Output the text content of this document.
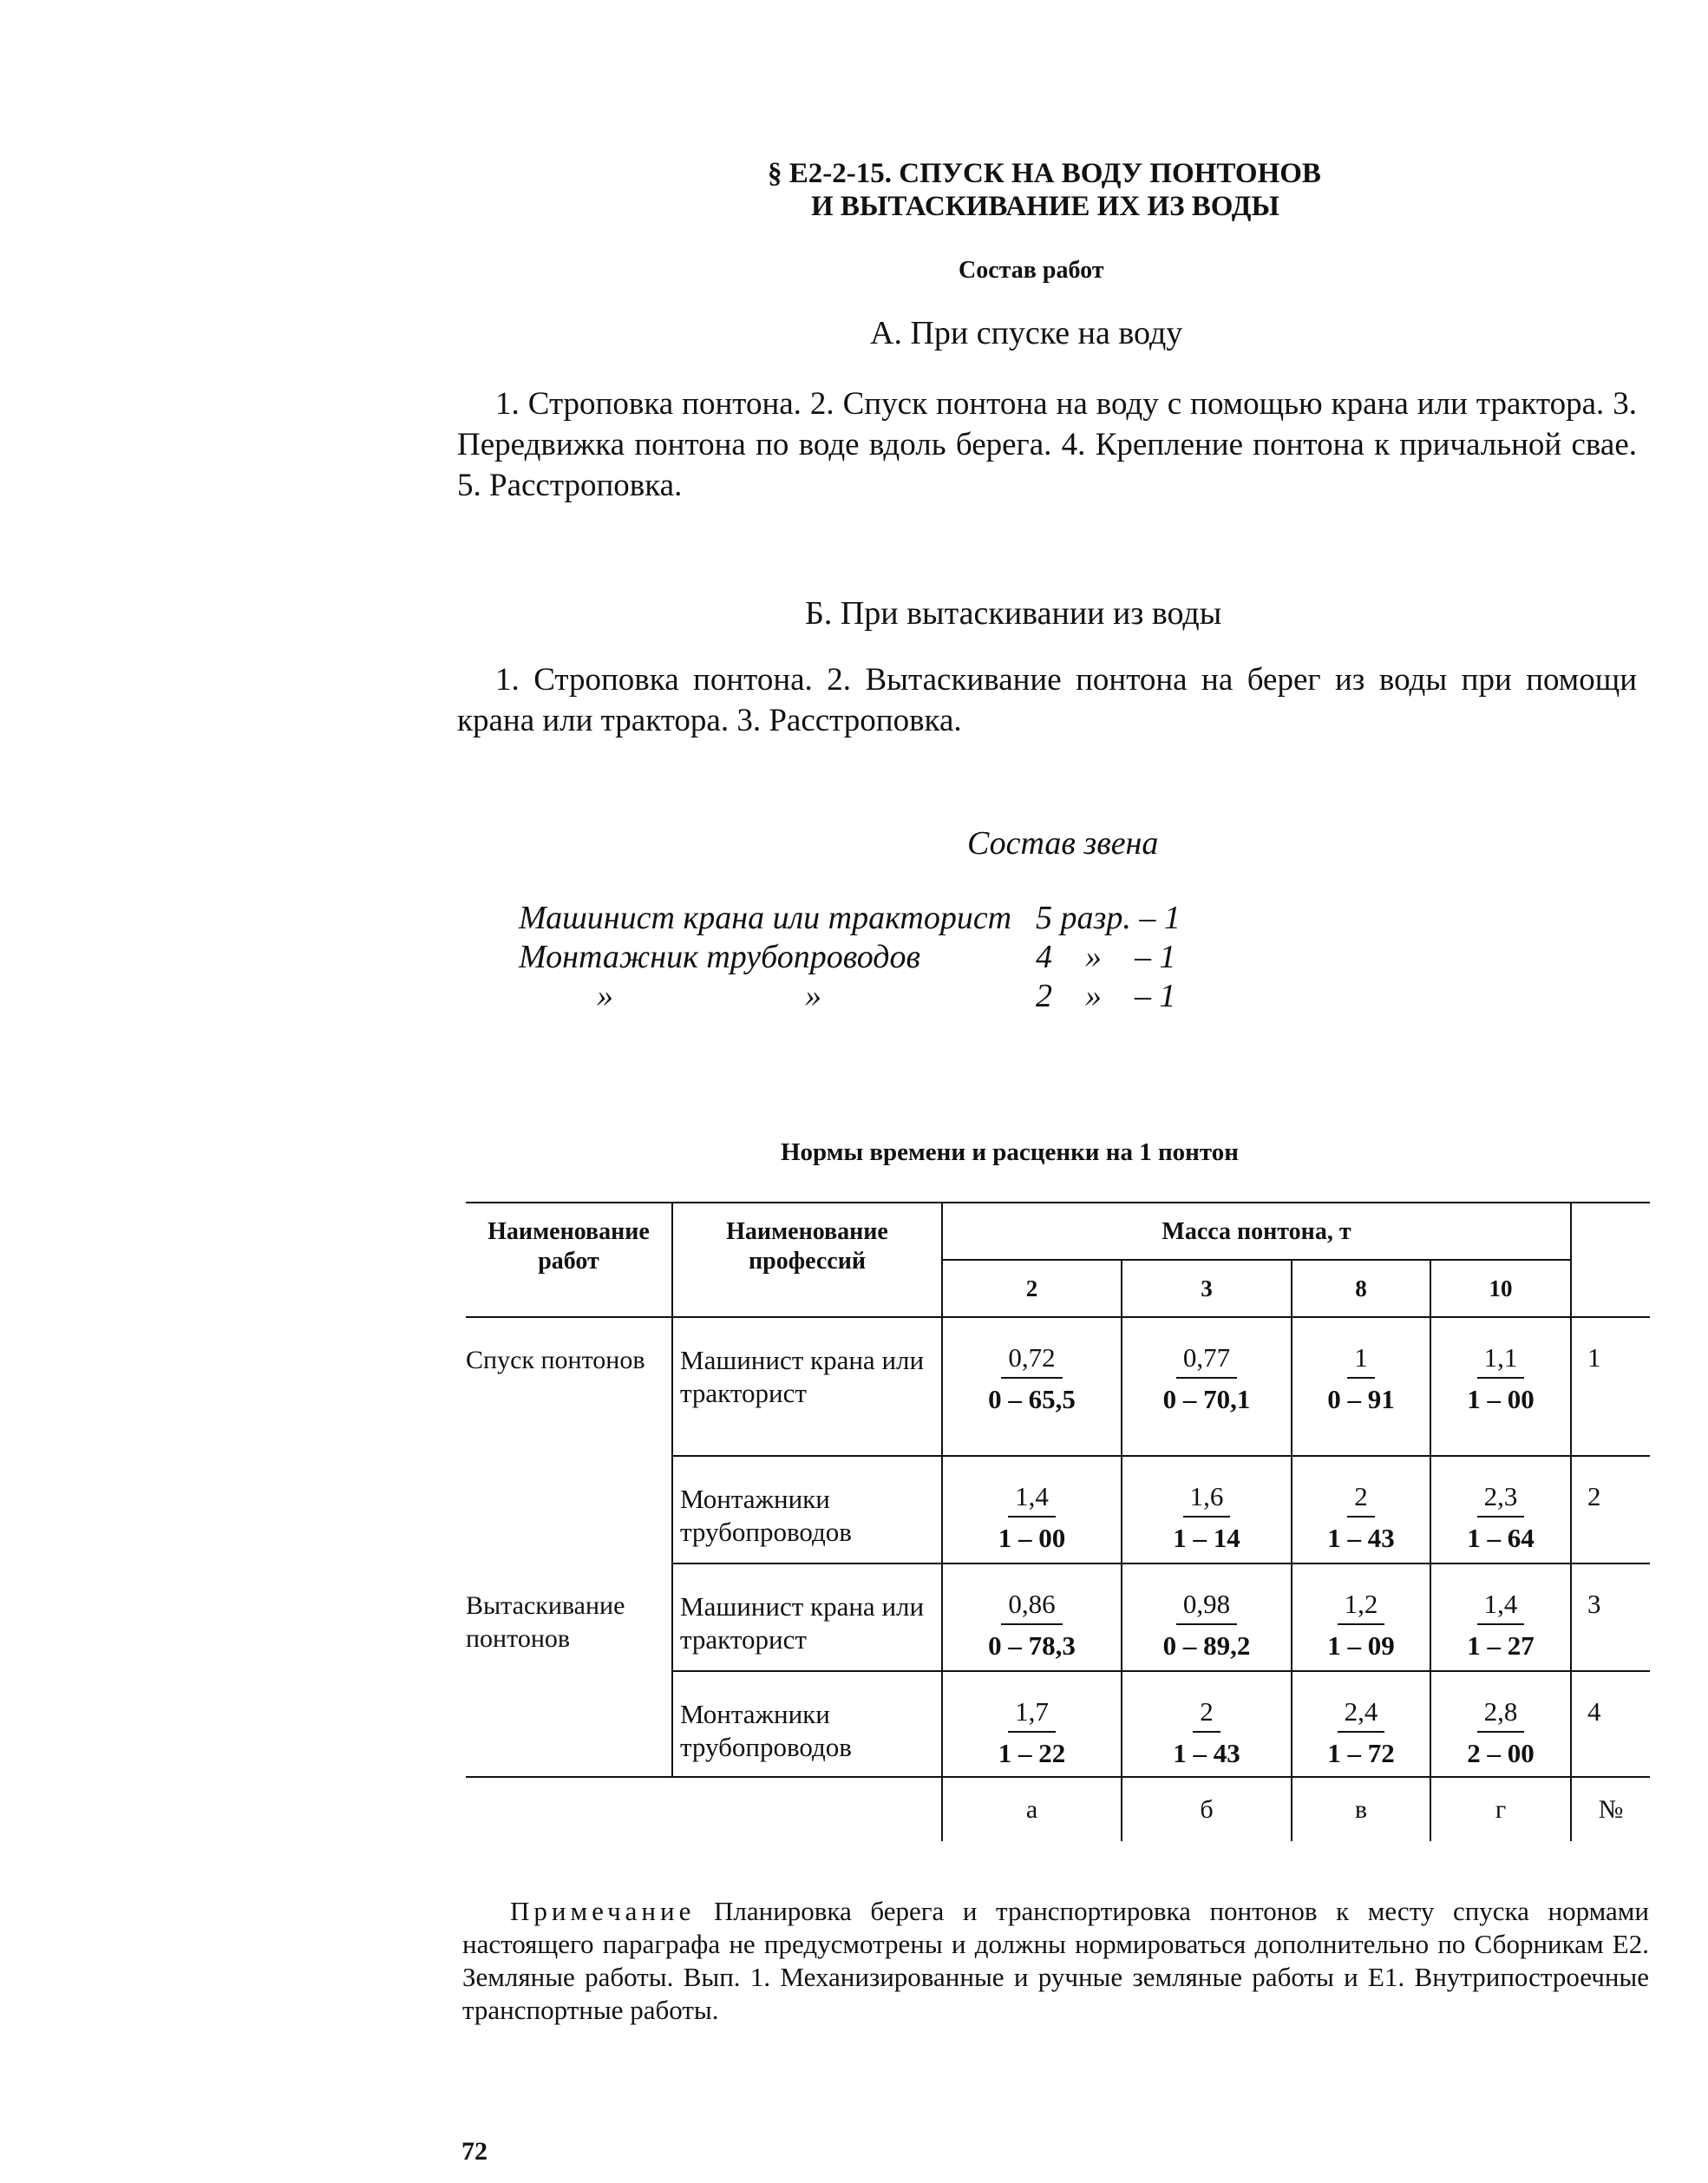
§ Е2-2-15. СПУСК НА ВОДУ ПОНТОНОВ
И ВЫТАСКИВАНИЕ ИХ ИЗ ВОДЫ
Состав работ
А. При спуске на воду
1. Строповка понтона. 2. Спуск понтона на воду с помощью крана или трактора. 3. Передвижка понтона по воде вдоль берега. 4. Крепление понтона к причальной свае. 5. Расстроповка.
Б. При вытаскивании из воды
1. Строповка понтона. 2. Вытаскивание понтона на берег из воды при помощи крана или трактора. 3. Расстроповка.
Состав звена
Машинист крана или тракторист 5 разр. – 1
Монтажник трубопроводов	4    »    – 1
»	»	2    »    – 1
Нормы времени и расценки на 1 понтон
Наименование работ	Наименование профессий	Масса понтона, т				
		2	3	8	10	
Спуск понтонов	Машинист крана или тракторист	$\frac{0,72}{0 - 65,5}$	$\frac{0,77}{0 - 70,1}$	$\frac{1}{0 - 91}$	$\frac{1,1}{1 - 00}$	1
	Монтажники трубопроводов	$\frac{1,4}{1 - 00}$	$\frac{1,6}{1 - 14}$	$\frac{2}{1 - 43}$	$\frac{2,3}{1 - 64}$	2
Вытаскивание понтонов	Машинист крана или тракторист	$\frac{0,86}{0 - 78,3}$	$\frac{0,98}{0 - 89,2}$	$\frac{1,2}{1 - 09}$	$\frac{1,4}{1 - 27}$	3
	Монтажники трубопроводов	$\frac{1,7}{1 - 22}$	$\frac{2}{1 - 43}$	$\frac{2,4}{1 - 72}$	$\frac{2,8}{2 - 00}$	4
		а	б	в	г	№
Примечание Планировка берега и транспортировка понтонов к месту спуска нормами настоящего параграфа не предусмотрены и должны нормироваться дополнительно по Сборникам Е2. Земляные работы. Вып. 1. Механизированные и ручные земляные работы и Е1. Внутрипостроечные транспортные работы.
72
